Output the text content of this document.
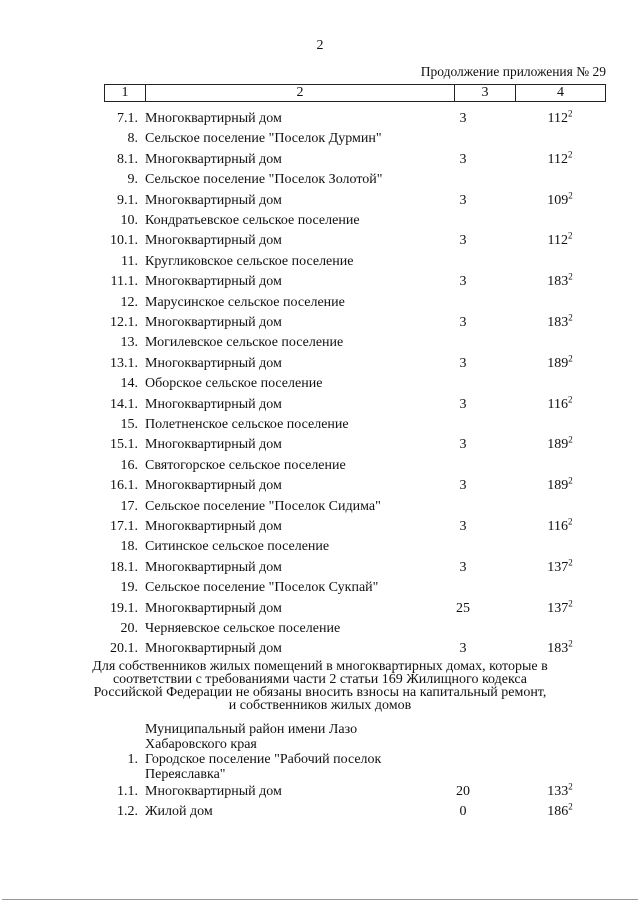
2
Продолжение приложения № 29
1	2	3	4
7.1. Многоквартирный дом	3	$112^2$
8. Сельское поселение "Поселок Дурмин"
8.1. Многоквартирный дом	3	$112^2$
9. Сельское поселение "Поселок Золотой"
9.1. Многоквартирный дом	3	$109^2$
10. Кондратьевское сельское поселение
10.1. Многоквартирный дом	3	$112^2$
11. Кругликовское сельское поселение
11.1. Многоквартирный дом	3	$183^2$
12. Марусинское сельское поселение
12.1. Многоквартирный дом	3	$183^2$
13. Могилевское сельское поселение
13.1. Многоквартирный дом	3	$189^2$
14. Оборское сельское поселение
14.1. Многоквартирный дом	3	$116^2$
15. Полетненское сельское поселение
15.1. Многоквартирный дом	3	$189^2$
16. Святогорское сельское поселение
16.1. Многоквартирный дом	3	$189^2$
17. Сельское поселение "Поселок Сидима"
17.1. Многоквартирный дом	3	$116^2$
18. Ситинское сельское поселение
18.1. Многоквартирный дом	3	$137^2$
19. Сельское поселение "Поселок Сукпай"
19.1. Многоквартирный дом	25	$137^2$
20. Черняевское сельское поселение
20.1. Многоквартирный дом	3	$183^2$
Для собственников жилых помещений в многоквартирных домах, которые в соответствии с требованиями части 2 статьи 169 Жилищного кодекса Российской Федерации не обязаны вносить взносы на капитальный ремонт, и собственников жилых домов
Муниципальный район имени Лазо
Хабаровского края
1. Городское поселение "Рабочий поселок
Переяславка"
1.1. Многоквартирный дом	20	$133^2$
1.2. Жилой дом	0	$186^2$
